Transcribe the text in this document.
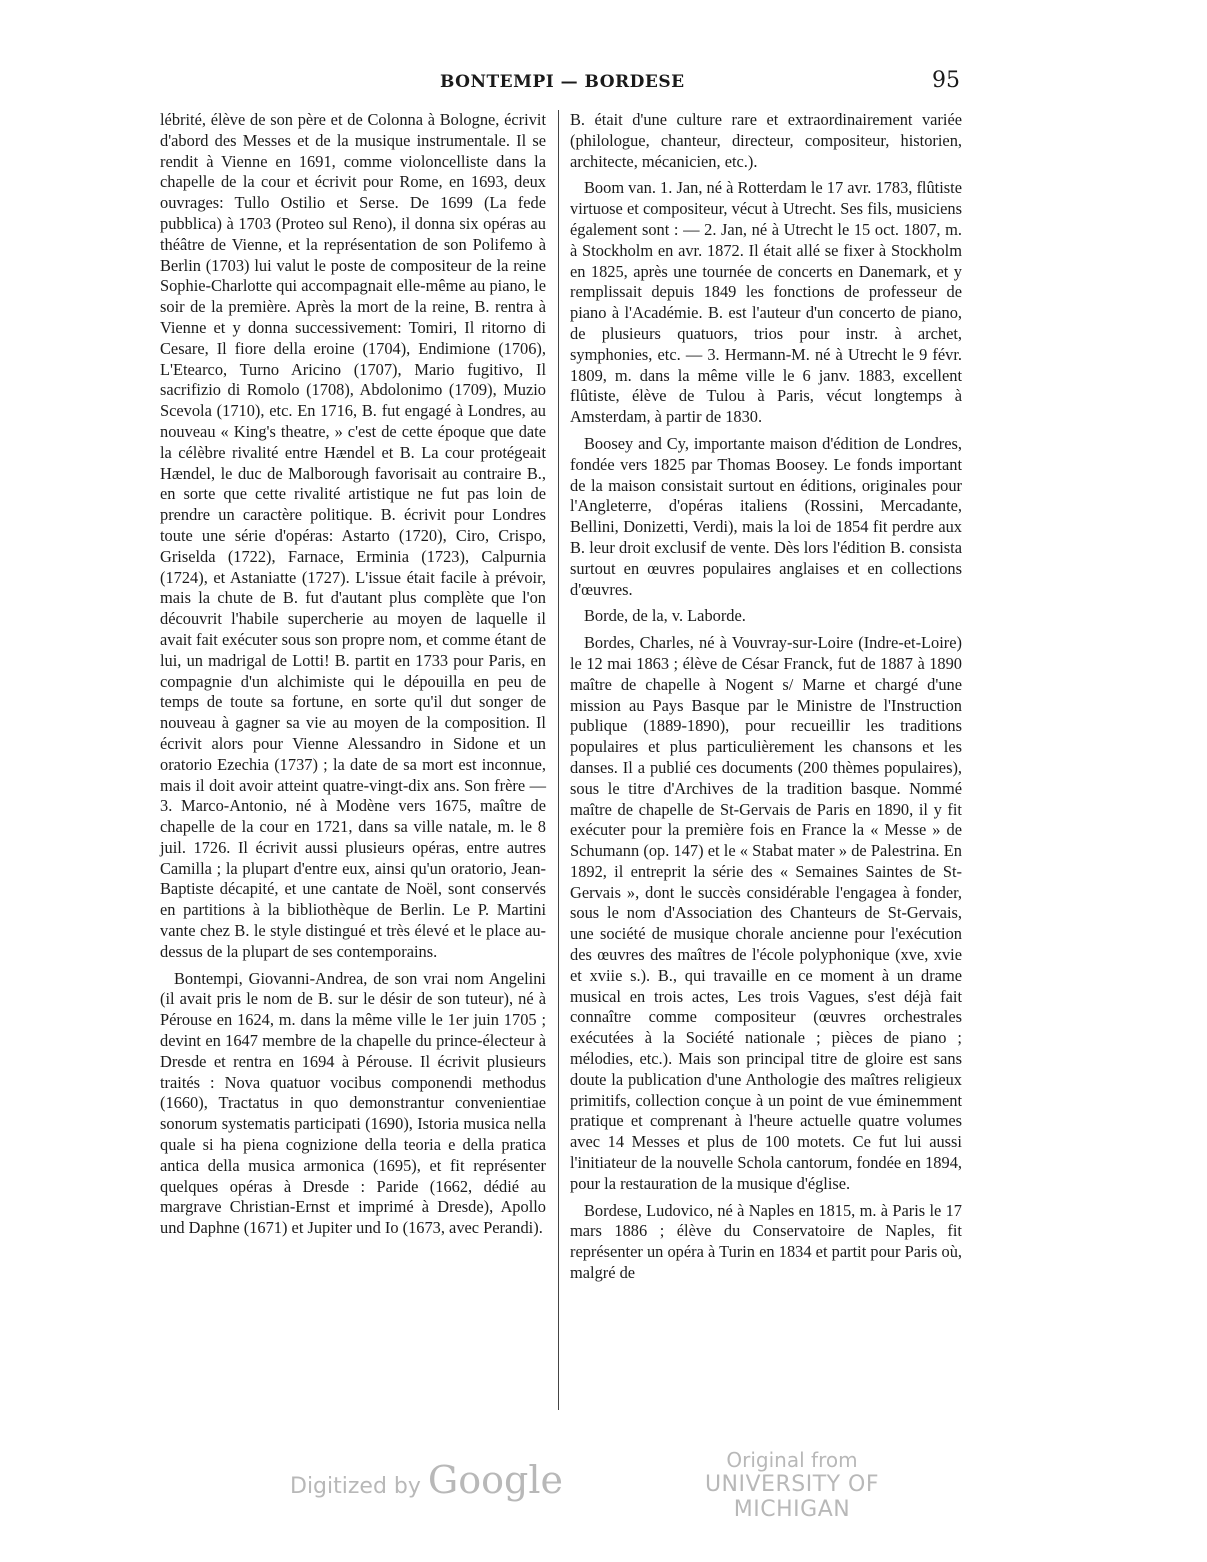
BONTEMPI — BORDESE	95

lébrité, élève de son père et de Colonna à Bologne, écrivit d'abord des Messes et de la musique instrumentale. Il se rendit à Vienne en 1691, comme violoncelliste dans la chapelle de la cour et écrivit pour Rome, en 1693, deux ouvrages: Tullo Ostilio et Serse. De 1699 (La fede pubblica) à 1703 (Proteo sul Reno), il donna six opéras au théâtre de Vienne, et la représentation de son Polifemo à Berlin (1703) lui valut le poste de compositeur de la reine Sophie-Charlotte qui accompagnait elle-même au piano, le soir de la première. Après la mort de la reine, B. rentra à Vienne et y donna successivement: Tomiri, Il ritorno di Cesare, Il fiore della eroine (1704), Endimione (1706), L'Etearco, Turno Aricino (1707), Mario fugitivo, Il sacrifizio di Romolo (1708), Abdolonimo (1709), Muzio Scevola (1710), etc. En 1716, B. fut engagé à Londres, au nouveau « King's theatre, » c'est de cette époque que date la célèbre rivalité entre Hændel et B. La cour protégeait Hændel, le duc de Malborough favorisait au contraire B., en sorte que cette rivalité artistique ne fut pas loin de prendre un caractère politique. B. écrivit pour Londres toute une série d'opéras: Astarto (1720), Ciro, Crispo, Griselda (1722), Farnace, Erminia (1723), Calpurnia (1724), et Astaniatte (1727). L'issue était facile à prévoir, mais la chute de B. fut d'autant plus complète que l'on découvrit l'habile supercherie au moyen de laquelle il avait fait exécuter sous son propre nom, et comme étant de lui, un madrigal de Lotti! B. partit en 1733 pour Paris, en compagnie d'un alchimiste qui le dépouilla en peu de temps de toute sa fortune, en sorte qu'il dut songer de nouveau à gagner sa vie au moyen de la composition. Il écrivit alors pour Vienne Alessandro in Sidone et un oratorio Ezechia (1737) ; la date de sa mort est inconnue, mais il doit avoir atteint quatre-vingt-dix ans. Son frère — 3. Marco-Antonio, né à Modène vers 1675, maître de chapelle de la cour en 1721, dans sa ville natale, m. le 8 juil. 1726. Il écrivit aussi plusieurs opéras, entre autres Camilla ; la plupart d'entre eux, ainsi qu'un oratorio, Jean-Baptiste décapité, et une cantate de Noël, sont conservés en partitions à la bibliothèque de Berlin. Le P. Martini vante chez B. le style distingué et très élevé et le place au-dessus de la plupart de ses contemporains.

Bontempi, Giovanni-Andrea, de son vrai nom Angelini (il avait pris le nom de B. sur le désir de son tuteur), né à Pérouse en 1624, m. dans la même ville le 1er juin 1705 ; devint en 1647 membre de la chapelle du prince-électeur à Dresde et rentra en 1694 à Pérouse. Il écrivit plusieurs traités : Nova quatuor vocibus componendi methodus (1660), Tractatus in quo demonstrantur convenientiae sonorum systematis participati (1690), Istoria musica nella quale si ha piena cognizione della teoria e della pratica antica della musica armonica (1695), et fit représenter quelques opéras à Dresde : Paride (1662, dédié au margrave Christian-Ernst et imprimé à Dresde), Apollo und Daphne (1671) et Jupiter und Io (1673, avec Perandi).

B. était d'une culture rare et extraordinairement variée (philologue, chanteur, directeur, compositeur, historien, architecte, mécanicien, etc.).

Boom van. 1. Jan, né à Rotterdam le 17 avr. 1783, flûtiste virtuose et compositeur, vécut à Utrecht. Ses fils, musiciens également sont : — 2. Jan, né à Utrecht le 15 oct. 1807, m. à Stockholm en avr. 1872. Il était allé se fixer à Stockholm en 1825, après une tournée de concerts en Danemark, et y remplissait depuis 1849 les fonctions de professeur de piano à l'Académie. B. est l'auteur d'un concerto de piano, de plusieurs quatuors, trios pour instr. à archet, symphonies, etc. — 3. Hermann-M. né à Utrecht le 9 févr. 1809, m. dans la même ville le 6 janv. 1883, excellent flûtiste, élève de Tulou à Paris, vécut longtemps à Amsterdam, à partir de 1830.

Boosey and Cy, importante maison d'édition de Londres, fondée vers 1825 par Thomas Boosey. Le fonds important de la maison consistait surtout en éditions, originales pour l'Angleterre, d'opéras italiens (Rossini, Mercadante, Bellini, Donizetti, Verdi), mais la loi de 1854 fit perdre aux B. leur droit exclusif de vente. Dès lors l'édition B. consista surtout en œuvres populaires anglaises et en collections d'œuvres.

Borde, de la, v. Laborde.

Bordes, Charles, né à Vouvray-sur-Loire (Indre-et-Loire) le 12 mai 1863 ; élève de César Franck, fut de 1887 à 1890 maître de chapelle à Nogent s/ Marne et chargé d'une mission au Pays Basque par le Ministre de l'Instruction publique (1889-1890), pour recueillir les traditions populaires et plus particulièrement les chansons et les danses. Il a publié ces documents (200 thèmes populaires), sous le titre d'Archives de la tradition basque. Nommé maître de chapelle de St-Gervais de Paris en 1890, il y fit exécuter pour la première fois en France la « Messe » de Schumann (op. 147) et le « Stabat mater » de Palestrina. En 1892, il entreprit la série des « Semaines Saintes de St-Gervais », dont le succès considérable l'engagea à fonder, sous le nom d'Association des Chanteurs de St-Gervais, une société de musique chorale ancienne pour l'exécution des œuvres des maîtres de l'école polyphonique (xve, xvie et xviie s.). B., qui travaille en ce moment à un drame musical en trois actes, Les trois Vagues, s'est déjà fait connaître comme compositeur (œuvres orchestrales exécutées à la Société nationale ; pièces de piano ; mélodies, etc.). Mais son principal titre de gloire est sans doute la publication d'une Anthologie des maîtres religieux primitifs, collection conçue à un point de vue éminemment pratique et comprenant à l'heure actuelle quatre volumes avec 14 Messes et plus de 100 motets. Ce fut lui aussi l'initiateur de la nouvelle Schola cantorum, fondée en 1894, pour la restauration de la musique d'église.

Bordese, Ludovico, né à Naples en 1815, m. à Paris le 17 mars 1886 ; élève du Conservatoire de Naples, fit représenter un opéra à Turin en 1834 et partit pour Paris où, malgré de

Digitized by Google	Original from
UNIVERSITY OF MICHIGAN
